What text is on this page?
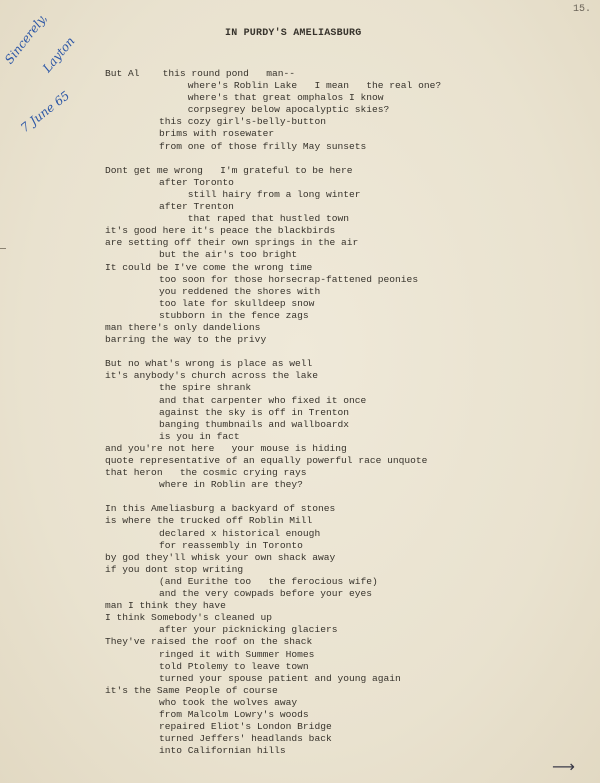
15.
Sincerely,
Layton
7 June 65
IN PURDY'S AMELIASBURG
But Al    this round pond   man--
where's Roblin Lake   I mean   the real one?
where's that great omphalos I know
corpsegrey below apocalyptic skies?
this cozy girl's-belly-button
brims with rosewater
from one of those frilly May sunsets
Dont get me wrong   I'm grateful to be here
after Toronto
still hairy from a long winter
after Trenton
that raped that hustled town
it's good here it's peace the blackbirds
are setting off their own springs in the air
but the air's too bright
It could be I've come the wrong time
too soon for those horsecrap-fattened peonies
you reddened the shores with
too late for skulldeep snow
stubborn in the fence zags
man there's only dandelions
barring the way to the privy
But no what's wrong is place as well
it's anybody's church across the lake
the spire shrank
and that carpenter who fixed it once
against the sky is off in Trenton
banging thumbnails and wallboardx
is you in fact
and you're not here   your mouse is hiding
quote representative of an equally powerful race unquote
that heron   the cosmic crying rays
where in Roblin are they?
In this Ameliasburg a backyard of stones
is where the trucked off Roblin Mill
declared x historical enough
for reassembly in Toronto
by god they'll whisk your own shack away
if you dont stop writing
(and Eurithe too   the ferocious wife)
and the very cowpads before your eyes
man I think they have
I think Somebody's cleaned up
after your picknicking glaciers
They've raised the roof on the shack
ringed it with Summer Homes
told Ptolemy to leave town
turned your spouse patient and young again
it's the Same People of course
who took the wolves away
from Malcolm Lowry's woods
repaired Eliot's London Bridge
turned Jeffers' headlands back
into Californian hills
⟶
